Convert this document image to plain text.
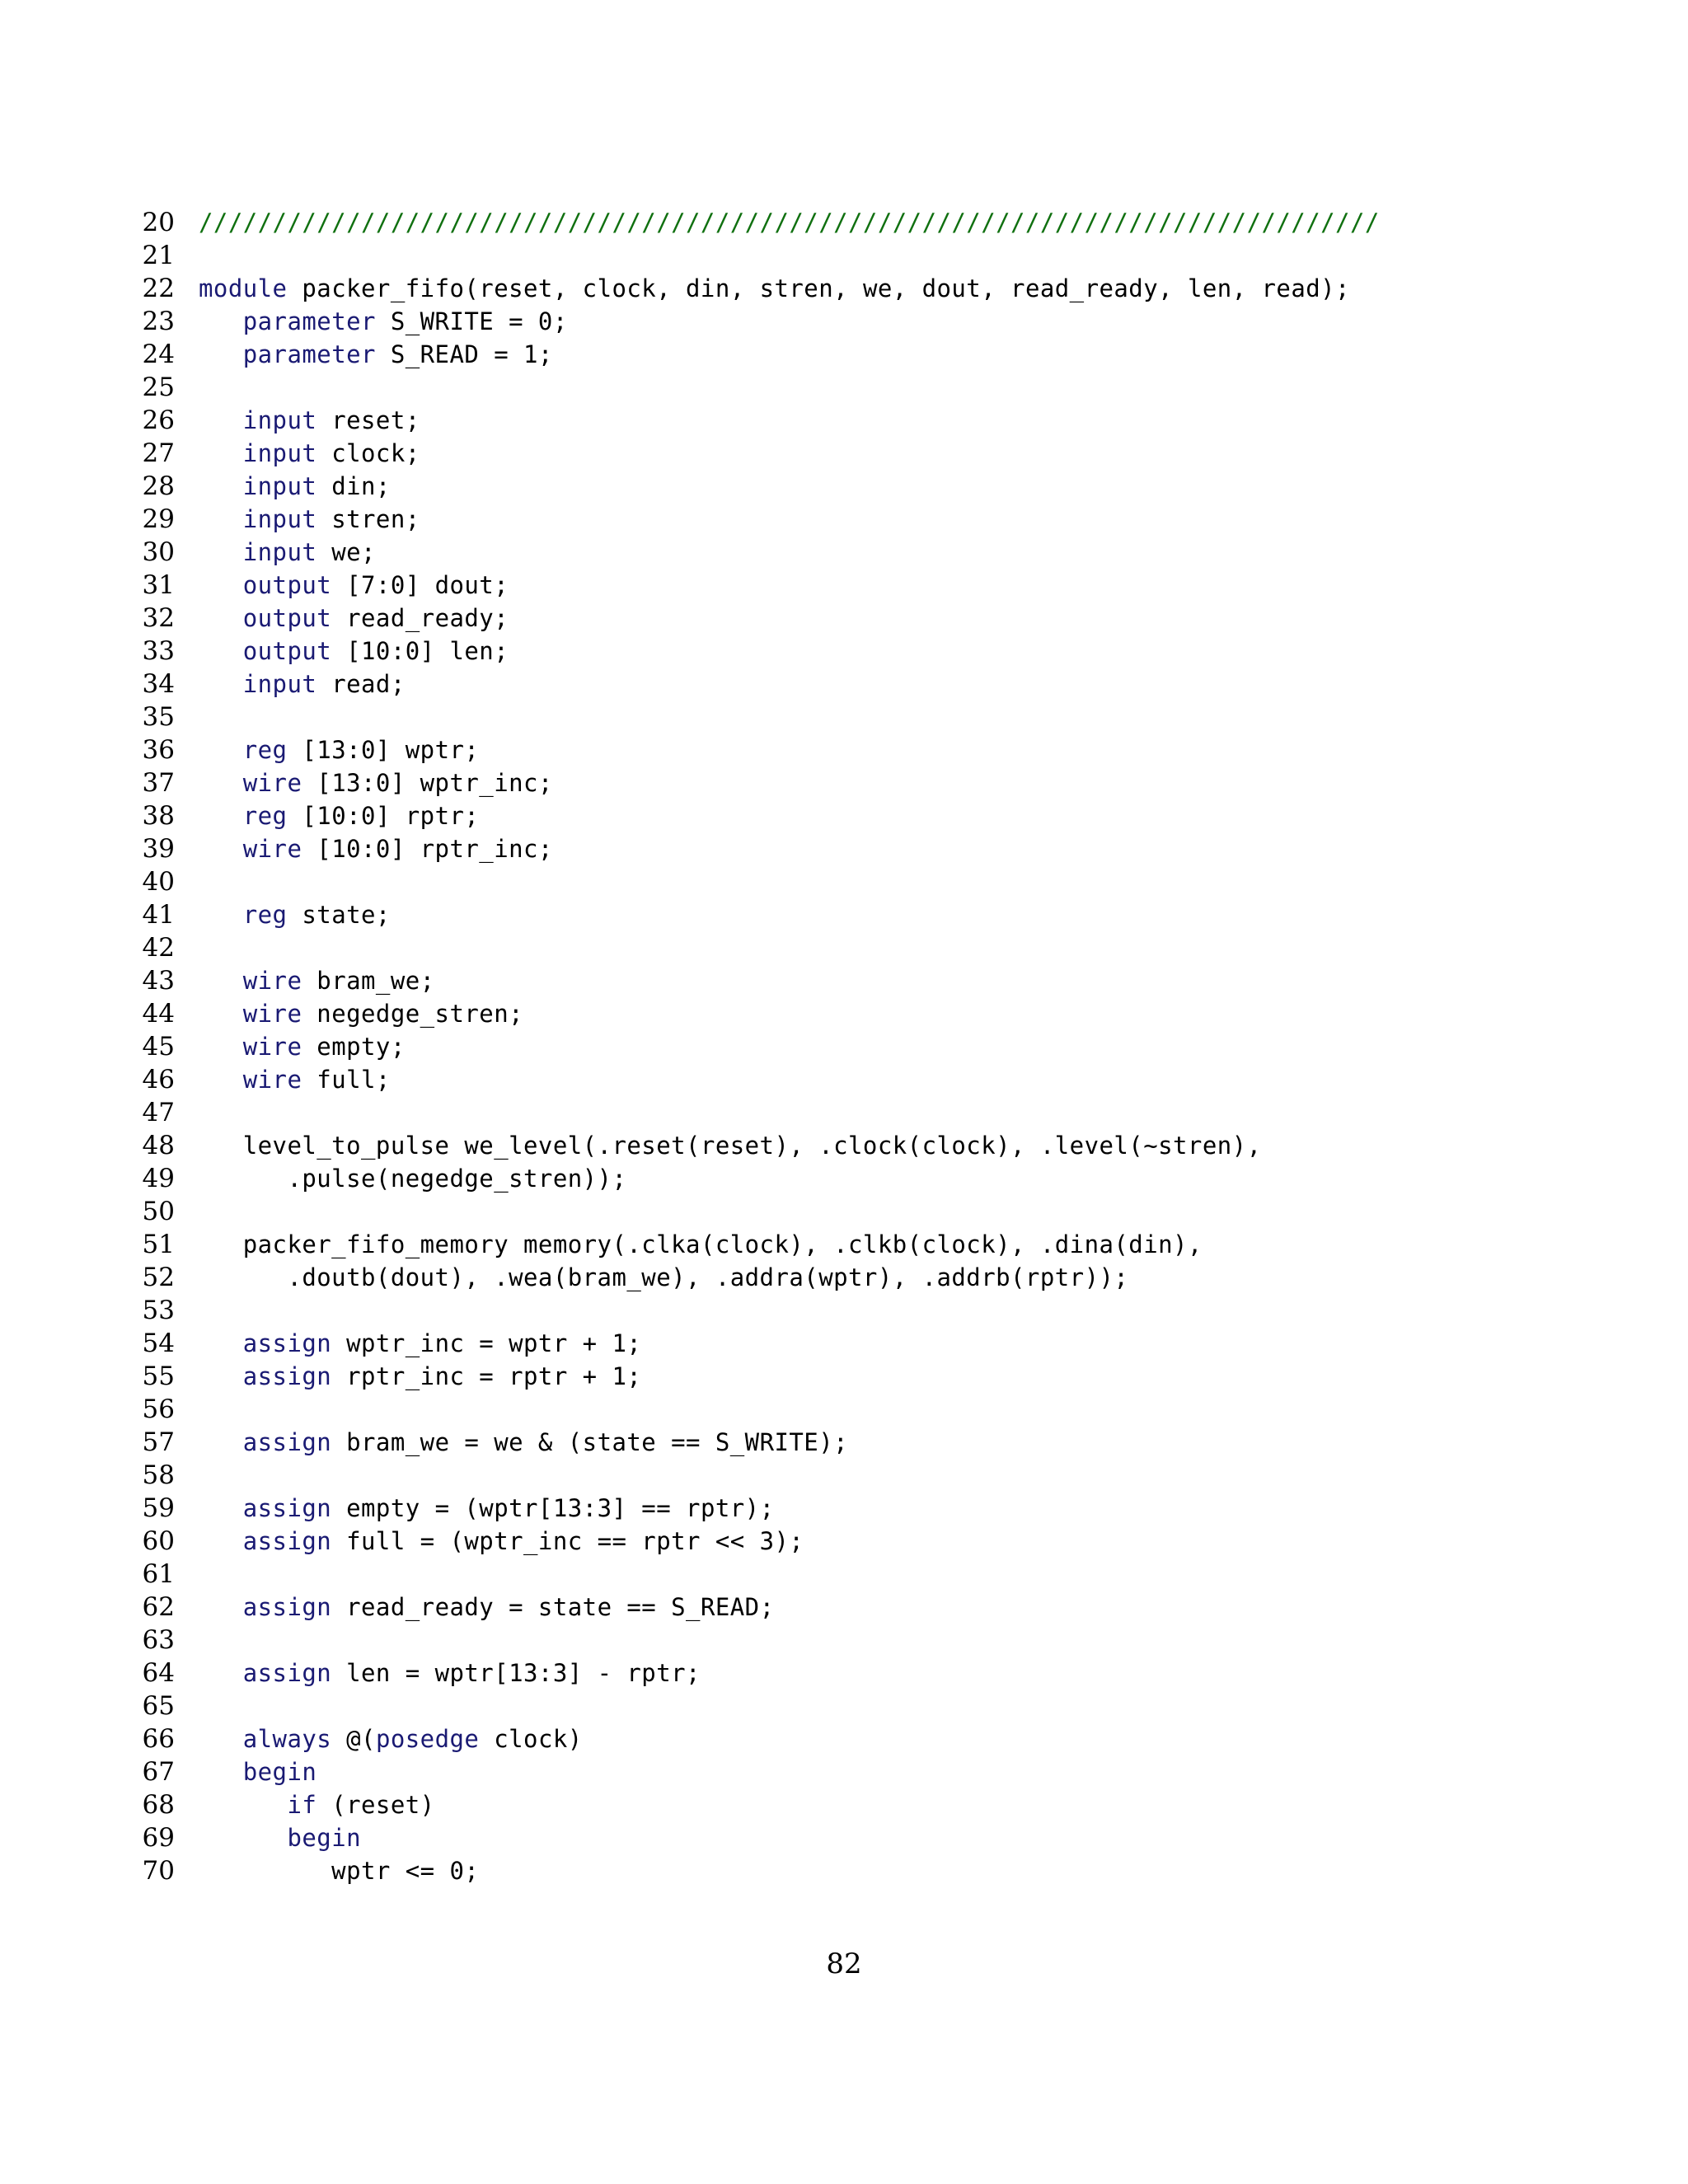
20 ////////////////////////////////////////////////////////////////////////////////
21
22 module packer_fifo(reset, clock, din, stren, we, dout, read_ready, len, read);
23	parameter S_WRITE = 0;
24	parameter S_READ = 1;
25
26	input reset;
27	input clock;
28	input din;
29	input stren;
30	input we;
31	output [7:0] dout;
32	output read_ready;
33	output [10:0] len;
34	input read;
35
36	reg [13:0] wptr;
37	wire [13:0] wptr_inc;
38	reg [10:0] rptr;
39	wire [10:0] rptr_inc;
40
41	reg state;
42
43	wire bram_we;
44	wire negedge_stren;
45	wire empty;
46	wire full;
47
48 level_to_pulse we_level(.reset(reset), .clock(clock), .level(~stren),
49 .pulse(negedge_stren));
50
51 packer_fifo_memory memory(.clka(clock), .clkb(clock), .dina(din),
52 .doutb(dout), .wea(bram_we), .addra(wptr), .addrb(rptr));
53
54	assign wptr_inc = wptr + 1;
55	assign rptr_inc = rptr + 1;
56
57	assign bram_we = we & (state == S_WRITE);
58
59	assign empty = (wptr[13:3] == rptr);
60	assign full = (wptr_inc == rptr << 3);
61
62	assign read_ready = state == S_READ;
63
64	assign len = wptr[13:3] - rptr;
65
66	always @(posedge clock)
67	begin
68	if (reset)
69	begin
70 wptr <= 0;
82
